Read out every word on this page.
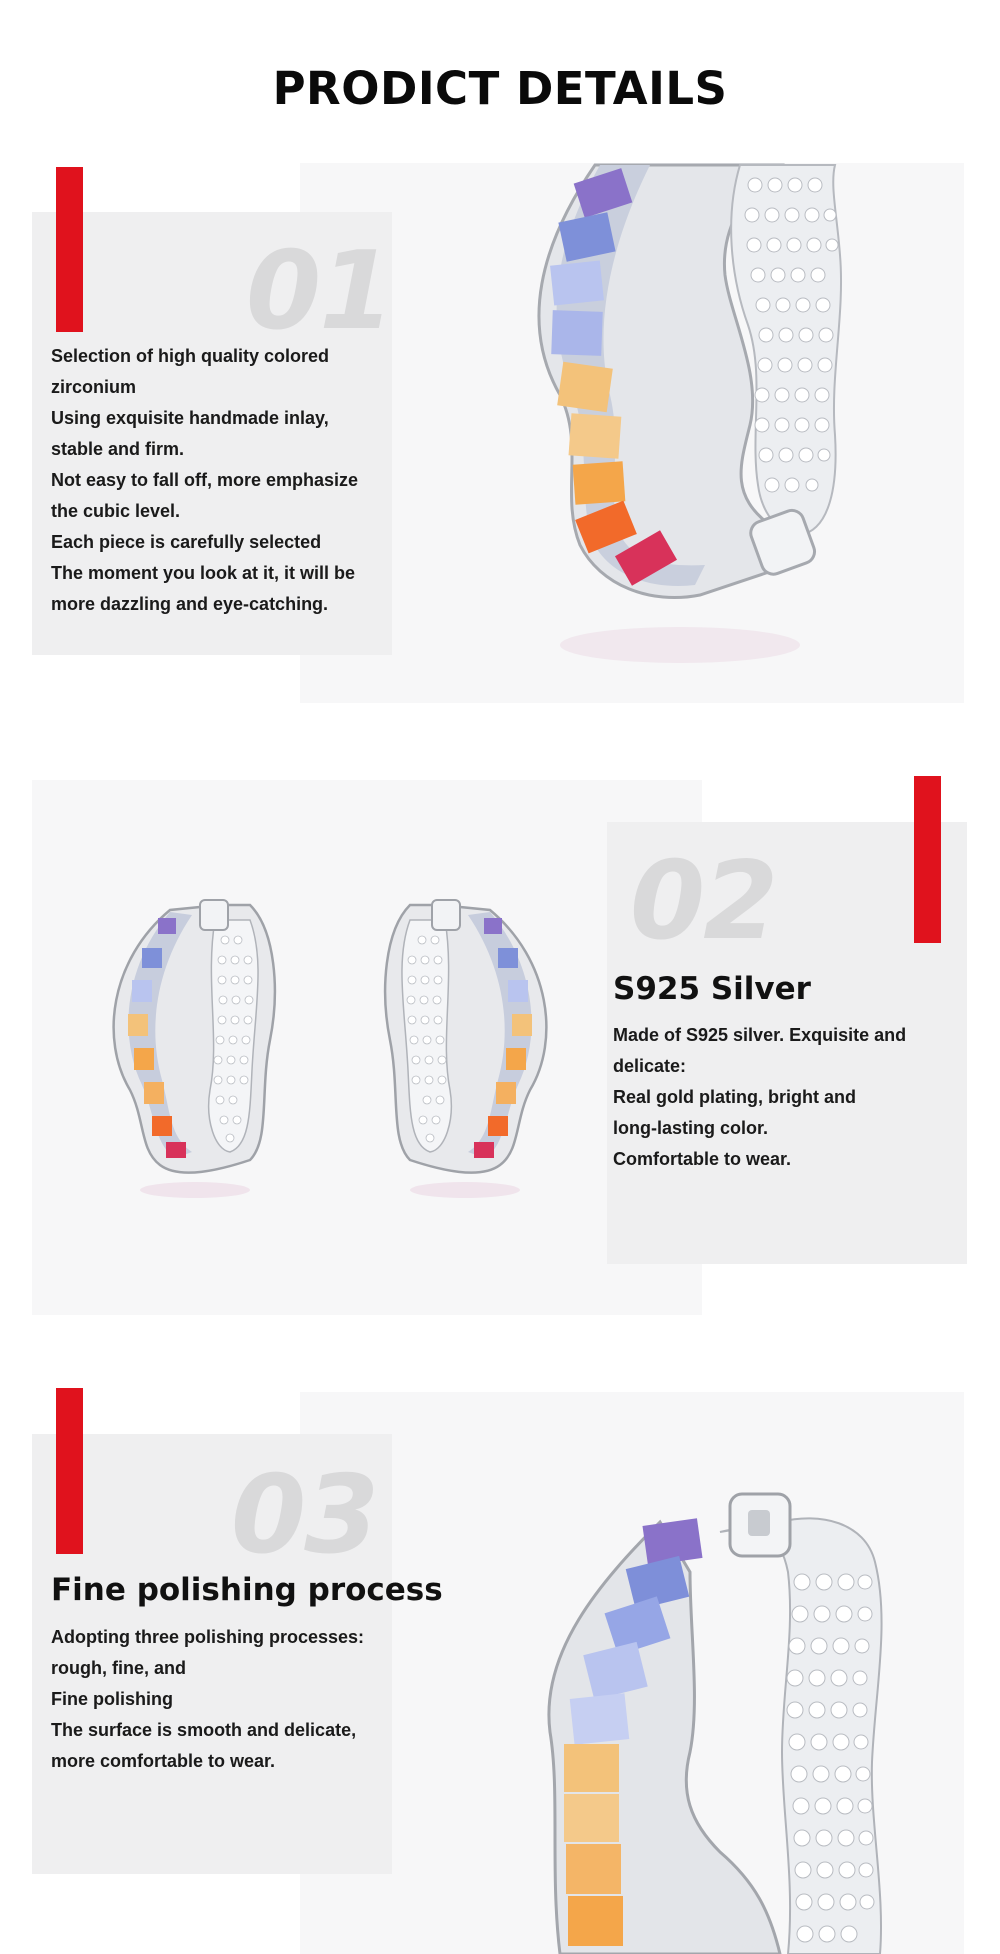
PRODICT DETAILS
01
Selection of high quality colored
zirconium
Using exquisite handmade inlay,
stable and firm.
Not easy to fall off, more emphasize
the cubic level.
Each piece is carefully selected
The moment you look at it, it will be
more dazzling and eye-catching.
02
S925 Silver
Made of S925 silver. Exquisite and
delicate:
Real gold plating, bright and
long-lasting color.
Comfortable to wear.
03
Fine polishing process
Adopting three polishing processes:
rough, fine, and
Fine polishing
The surface is smooth and delicate,
more comfortable to wear.
